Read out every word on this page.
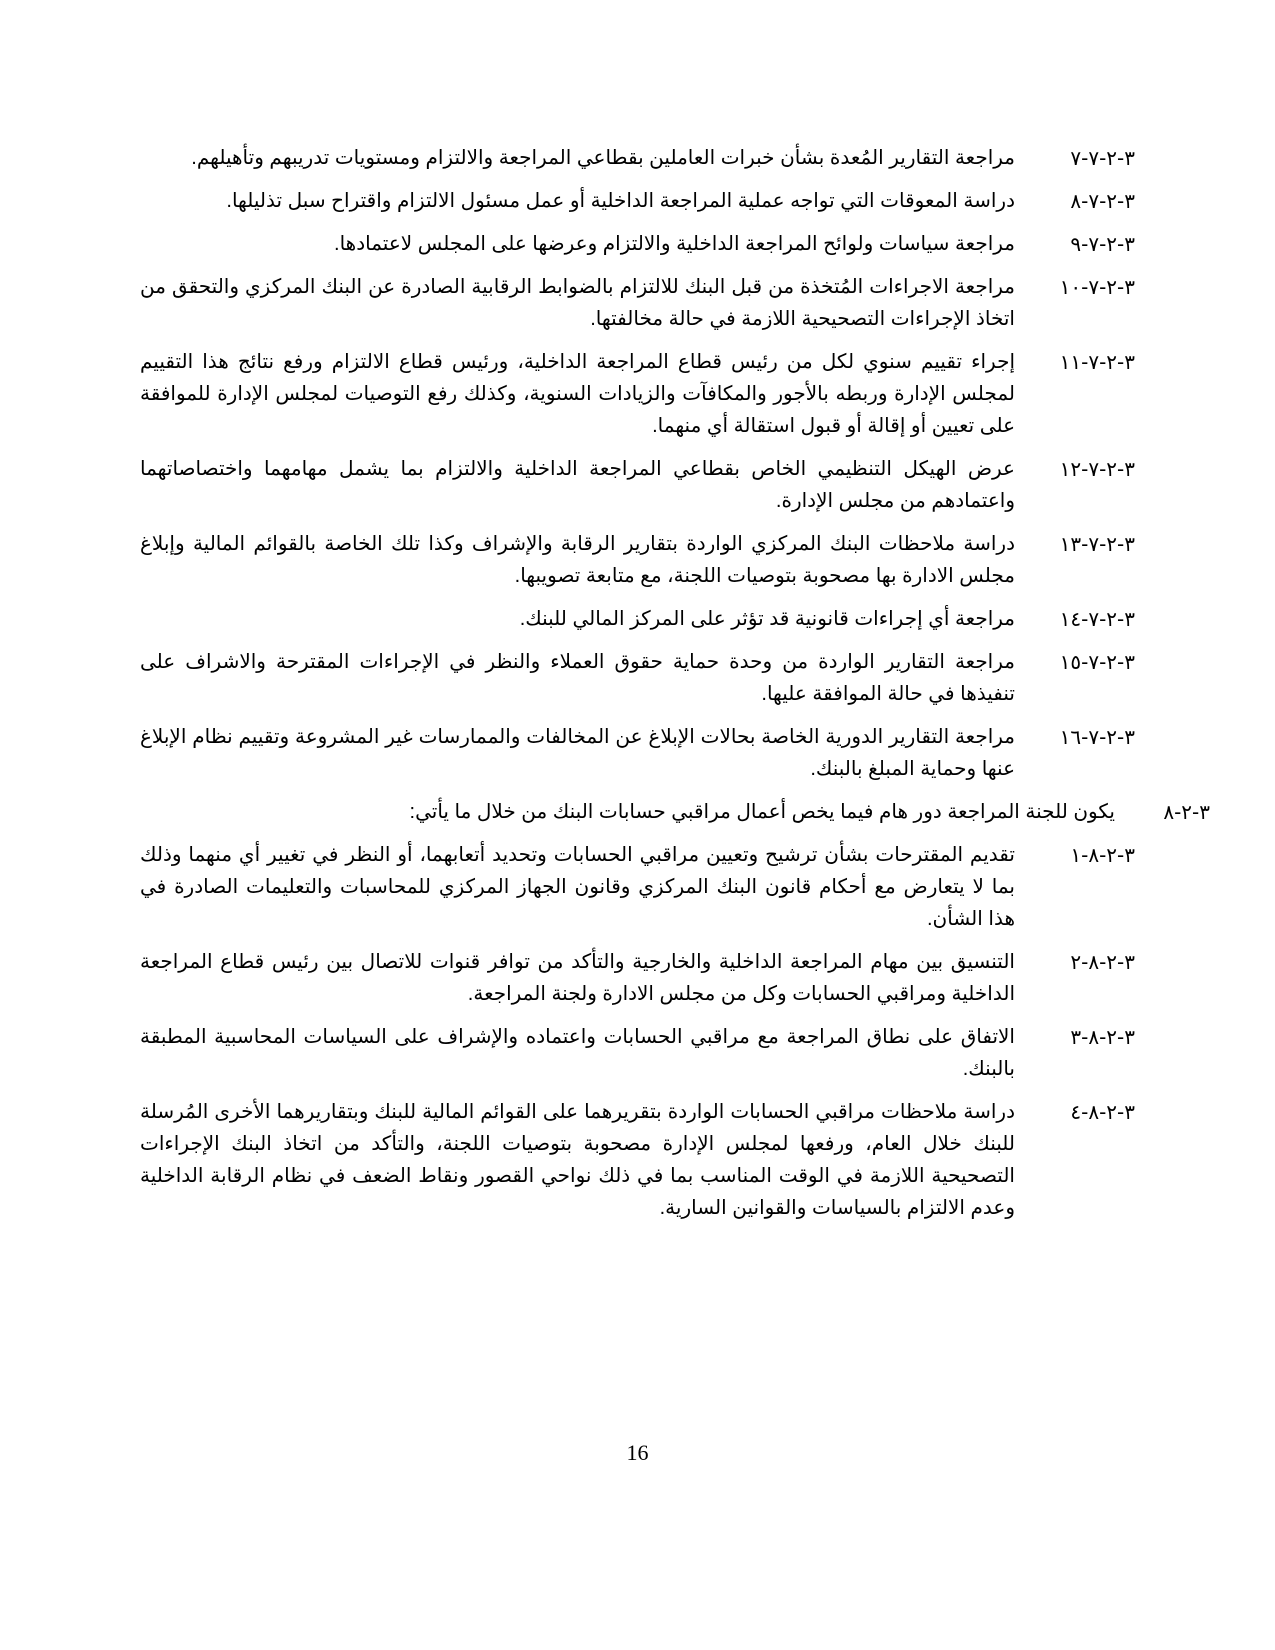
٣-٢-٧-٧
مراجعة التقارير المُعدة بشأن خبرات العاملين بقطاعي المراجعة والالتزام ومستويات تدريبهم وتأهيلهم.
٣-٢-٧-٨
دراسة المعوقات التي تواجه عملية المراجعة الداخلية أو عمل مسئول الالتزام واقتراح سبل تذليلها.
٣-٢-٧-٩
مراجعة سياسات ولوائح المراجعة الداخلية والالتزام وعرضها على المجلس لاعتمادها.
٣-٢-٧-١٠
مراجعة الاجراءات المُتخذة من قبل البنك للالتزام بالضوابط الرقابية الصادرة عن البنك المركزي والتحقق من اتخاذ الإجراءات التصحيحية اللازمة في حالة مخالفتها.
٣-٢-٧-١١
إجراء تقييم سنوي لكل من رئيس قطاع المراجعة الداخلية، ورئيس قطاع الالتزام ورفع نتائج هذا التقييم لمجلس الإدارة وربطه بالأجور والمكافآت والزيادات السنوية، وكذلك رفع التوصيات لمجلس الإدارة للموافقة على تعيين أو إقالة أو قبول استقالة أي منهما.
٣-٢-٧-١٢
عرض الهيكل التنظيمي الخاص بقطاعي المراجعة الداخلية والالتزام بما يشمل مهامهما واختصاصاتهما واعتمادهم من مجلس الإدارة.
٣-٢-٧-١٣
دراسة ملاحظات البنك المركزي الواردة بتقارير الرقابة والإشراف وكذا تلك الخاصة بالقوائم المالية وإبلاغ مجلس الادارة بها مصحوبة بتوصيات اللجنة، مع متابعة تصويبها.
٣-٢-٧-١٤
مراجعة أي إجراءات قانونية قد تؤثر على المركز المالي للبنك.
٣-٢-٧-١٥
مراجعة التقارير الواردة من وحدة حماية حقوق العملاء والنظر في الإجراءات المقترحة والاشراف على تنفيذها في حالة الموافقة عليها.
٣-٢-٧-١٦
مراجعة التقارير الدورية الخاصة بحالات الإبلاغ عن المخالفات والممارسات غير المشروعة وتقييم نظام الإبلاغ عنها وحماية المبلغ بالبنك.
٣-٢-٨
يكون للجنة المراجعة دور هام فيما يخص أعمال مراقبي حسابات البنك من خلال ما يأتي:
٣-٢-٨-١
تقديم المقترحات بشأن ترشيح وتعيين مراقبي الحسابات وتحديد أتعابهما، أو النظر في تغيير أي منهما وذلك بما لا يتعارض مع أحكام قانون البنك المركزي وقانون الجهاز المركزي للمحاسبات والتعليمات الصادرة في هذا الشأن.
٣-٢-٨-٢
التنسيق بين مهام المراجعة الداخلية والخارجية والتأكد من توافر قنوات للاتصال بين رئيس قطاع المراجعة الداخلية ومراقبي الحسابات وكل من مجلس الادارة ولجنة المراجعة.
٣-٢-٨-٣
الاتفاق على نطاق المراجعة مع مراقبي الحسابات واعتماده والإشراف على السياسات المحاسبية المطبقة بالبنك.
٣-٢-٨-٤
دراسة ملاحظات مراقبي الحسابات الواردة بتقريرهما على القوائم المالية للبنك وبتقاريرهما الأخرى المُرسلة للبنك خلال العام، ورفعها لمجلس الإدارة مصحوبة بتوصيات اللجنة، والتأكد من اتخاذ البنك الإجراءات التصحيحية اللازمة في الوقت المناسب بما في ذلك نواحي القصور ونقاط الضعف في نظام الرقابة الداخلية وعدم الالتزام بالسياسات والقوانين السارية.
16
